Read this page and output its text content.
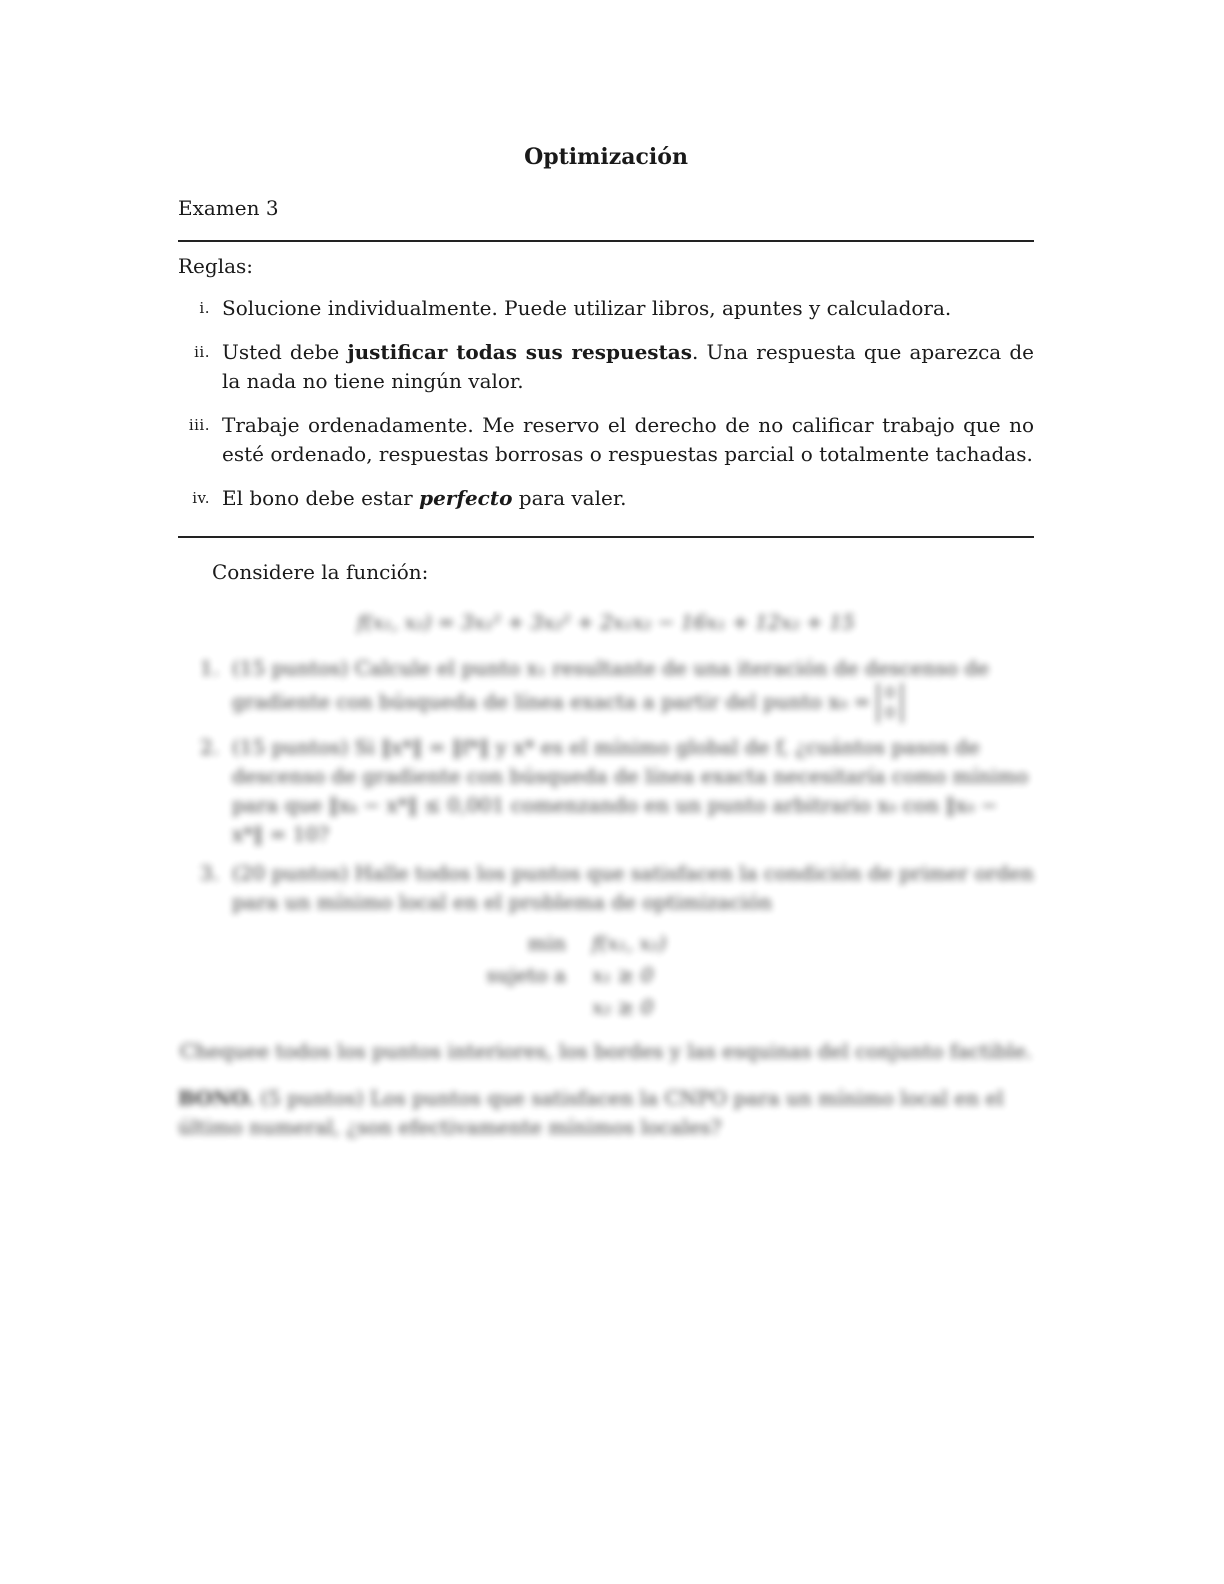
Optimización
Examen 3
Reglas:
i. Solucione individualmente. Puede utilizar libros, apuntes y calculadora.
ii. Usted debe justificar todas sus respuestas. Una respuesta que aparezca de la nada no tiene ningún valor.
iii. Trabaje ordenadamente. Me reservo el derecho de no calificar trabajo que no esté ordenado, respuestas borrosas o respuestas parcial o totalmente tachadas.
iv. El bono debe estar perfecto para valer.
Considere la función:
f(x₁, x₂) = 3x₁² + 3x₂² + 2x₁x₂ − 16x₁ + 12x₂ + 15
1. (15 puntos) Calcule el punto x₁ resultante de una iteración de descenso de gradiente con búsqueda de línea exacta a partir del punto x₀ = 0
0
2. (15 puntos) Si ‖x*‖ = ‖f*‖ y x* es el mínimo global de f, ¿cuántos pasos de descenso de gradiente con búsqueda de línea exacta necesitaría como mínimo para que ‖xₖ − x*‖ ≤ 0,001 comenzando en un punto arbitrario x₀ con ‖x₀ − x*‖ = 10?
3. (20 puntos) Halle todos los puntos que satisfacen la condición de primer orden para un mínimo local en el problema de optimización
min	f(x₁, x₂)
sujeto a	x₁ ≥ 0
x₂ ≥ 0
Chequee todos los puntos interiores, los bordes y las esquinas del conjunto factible.
BONO. (5 puntos) Los puntos que satisfacen la CNPO para un mínimo local en el último numeral, ¿son efectivamente mínimos locales?
